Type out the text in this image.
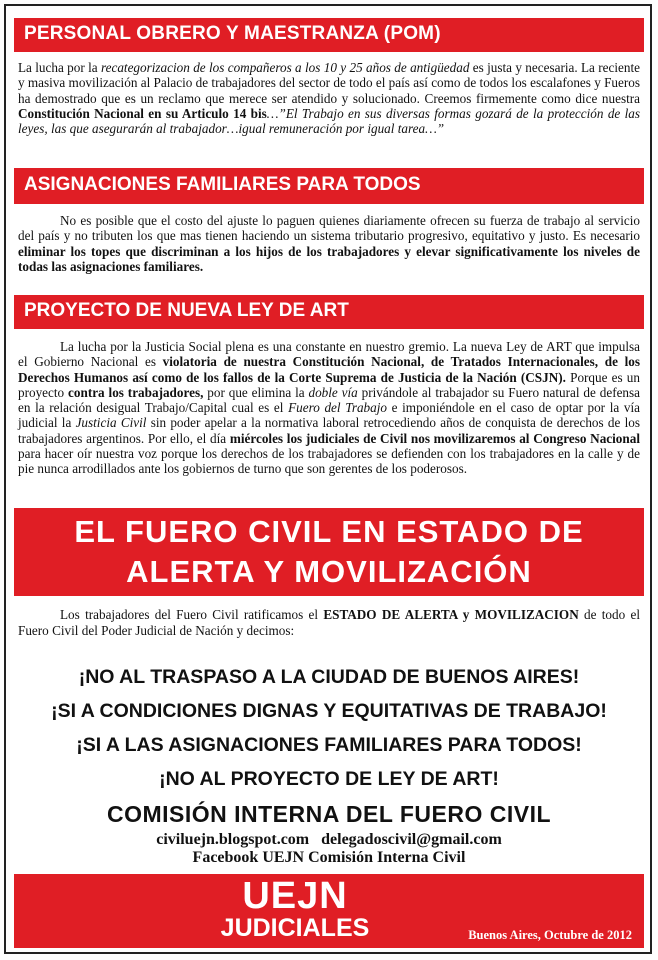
PERSONAL OBRERO Y MAESTRANZA (POM)
La lucha por la recategorizacion de los compañeros a los 10 y 25 años de antigüedad es justa y necesaria. La reciente y masiva movilización al Palacio de trabajadores del sector de todo el país así como de todos los escalafones y Fueros ha demostrado que es un reclamo que merece ser atendido y solucionado. Creemos firmemente como dice nuestra Constitución Nacional en su Articulo 14 bis…”El Trabajo en sus diversas formas gozará de la protección de las leyes, las que asegurarán al trabajador…igual remuneración por igual tarea…”
ASIGNACIONES FAMILIARES PARA TODOS
No es posible que el costo del ajuste lo paguen quienes diariamente ofrecen su fuerza de trabajo al servicio del país y no tributen los que mas tienen haciendo un sistema tributario progresivo, equitativo y justo. Es necesario eliminar los topes que discriminan a los hijos de los trabajadores y elevar significativamente los niveles de todas las asignaciones familiares.
PROYECTO DE NUEVA LEY DE ART
La lucha por la Justicia Social plena es una constante en nuestro gremio. La nueva Ley de ART que impulsa el Gobierno Nacional es violatoria de nuestra Constitución Nacional, de Tratados Internacionales, de los Derechos Humanos así como de los fallos de la Corte Suprema de Justicia de la Nación (CSJN). Porque es un proyecto contra los trabajadores, por que elimina la doble vía privándole al trabajador su Fuero natural de defensa en la relación desigual Trabajo/Capital cual es el Fuero del Trabajo e imponiéndole en el caso de optar por la vía judicial la Justicia Civil sin poder apelar a la normativa laboral retrocediendo años de conquista de derechos de los trabajadores argentinos. Por ello, el día miércoles los judiciales de Civil nos movilizaremos al Congreso Nacional para hacer oír nuestra voz porque los derechos de los trabajadores se defienden con los trabajadores en la calle y de pie nunca arrodillados ante los gobiernos de turno que son gerentes de los poderosos.
EL FUERO CIVIL EN ESTADO DE
ALERTA Y MOVILIZACIÓN
Los trabajadores del Fuero Civil ratificamos el ESTADO DE ALERTA y MOVILIZACION de todo el Fuero Civil del Poder Judicial de Nación y decimos:
¡NO AL TRASPASO A LA CIUDAD DE BUENOS AIRES!
¡SI A CONDICIONES DIGNAS Y EQUITATIVAS DE TRABAJO!
¡SI A LAS ASIGNACIONES FAMILIARES PARA TODOS!
¡NO AL PROYECTO DE LEY DE ART!
COMISIÓN INTERNA DEL FUERO CIVIL
civiluejn.blogspot.com delegadoscivil@gmail.com
Facebook UEJN Comisión Interna Civil
UEJN
JUDICIALES	Buenos Aires, Octubre de 2012
